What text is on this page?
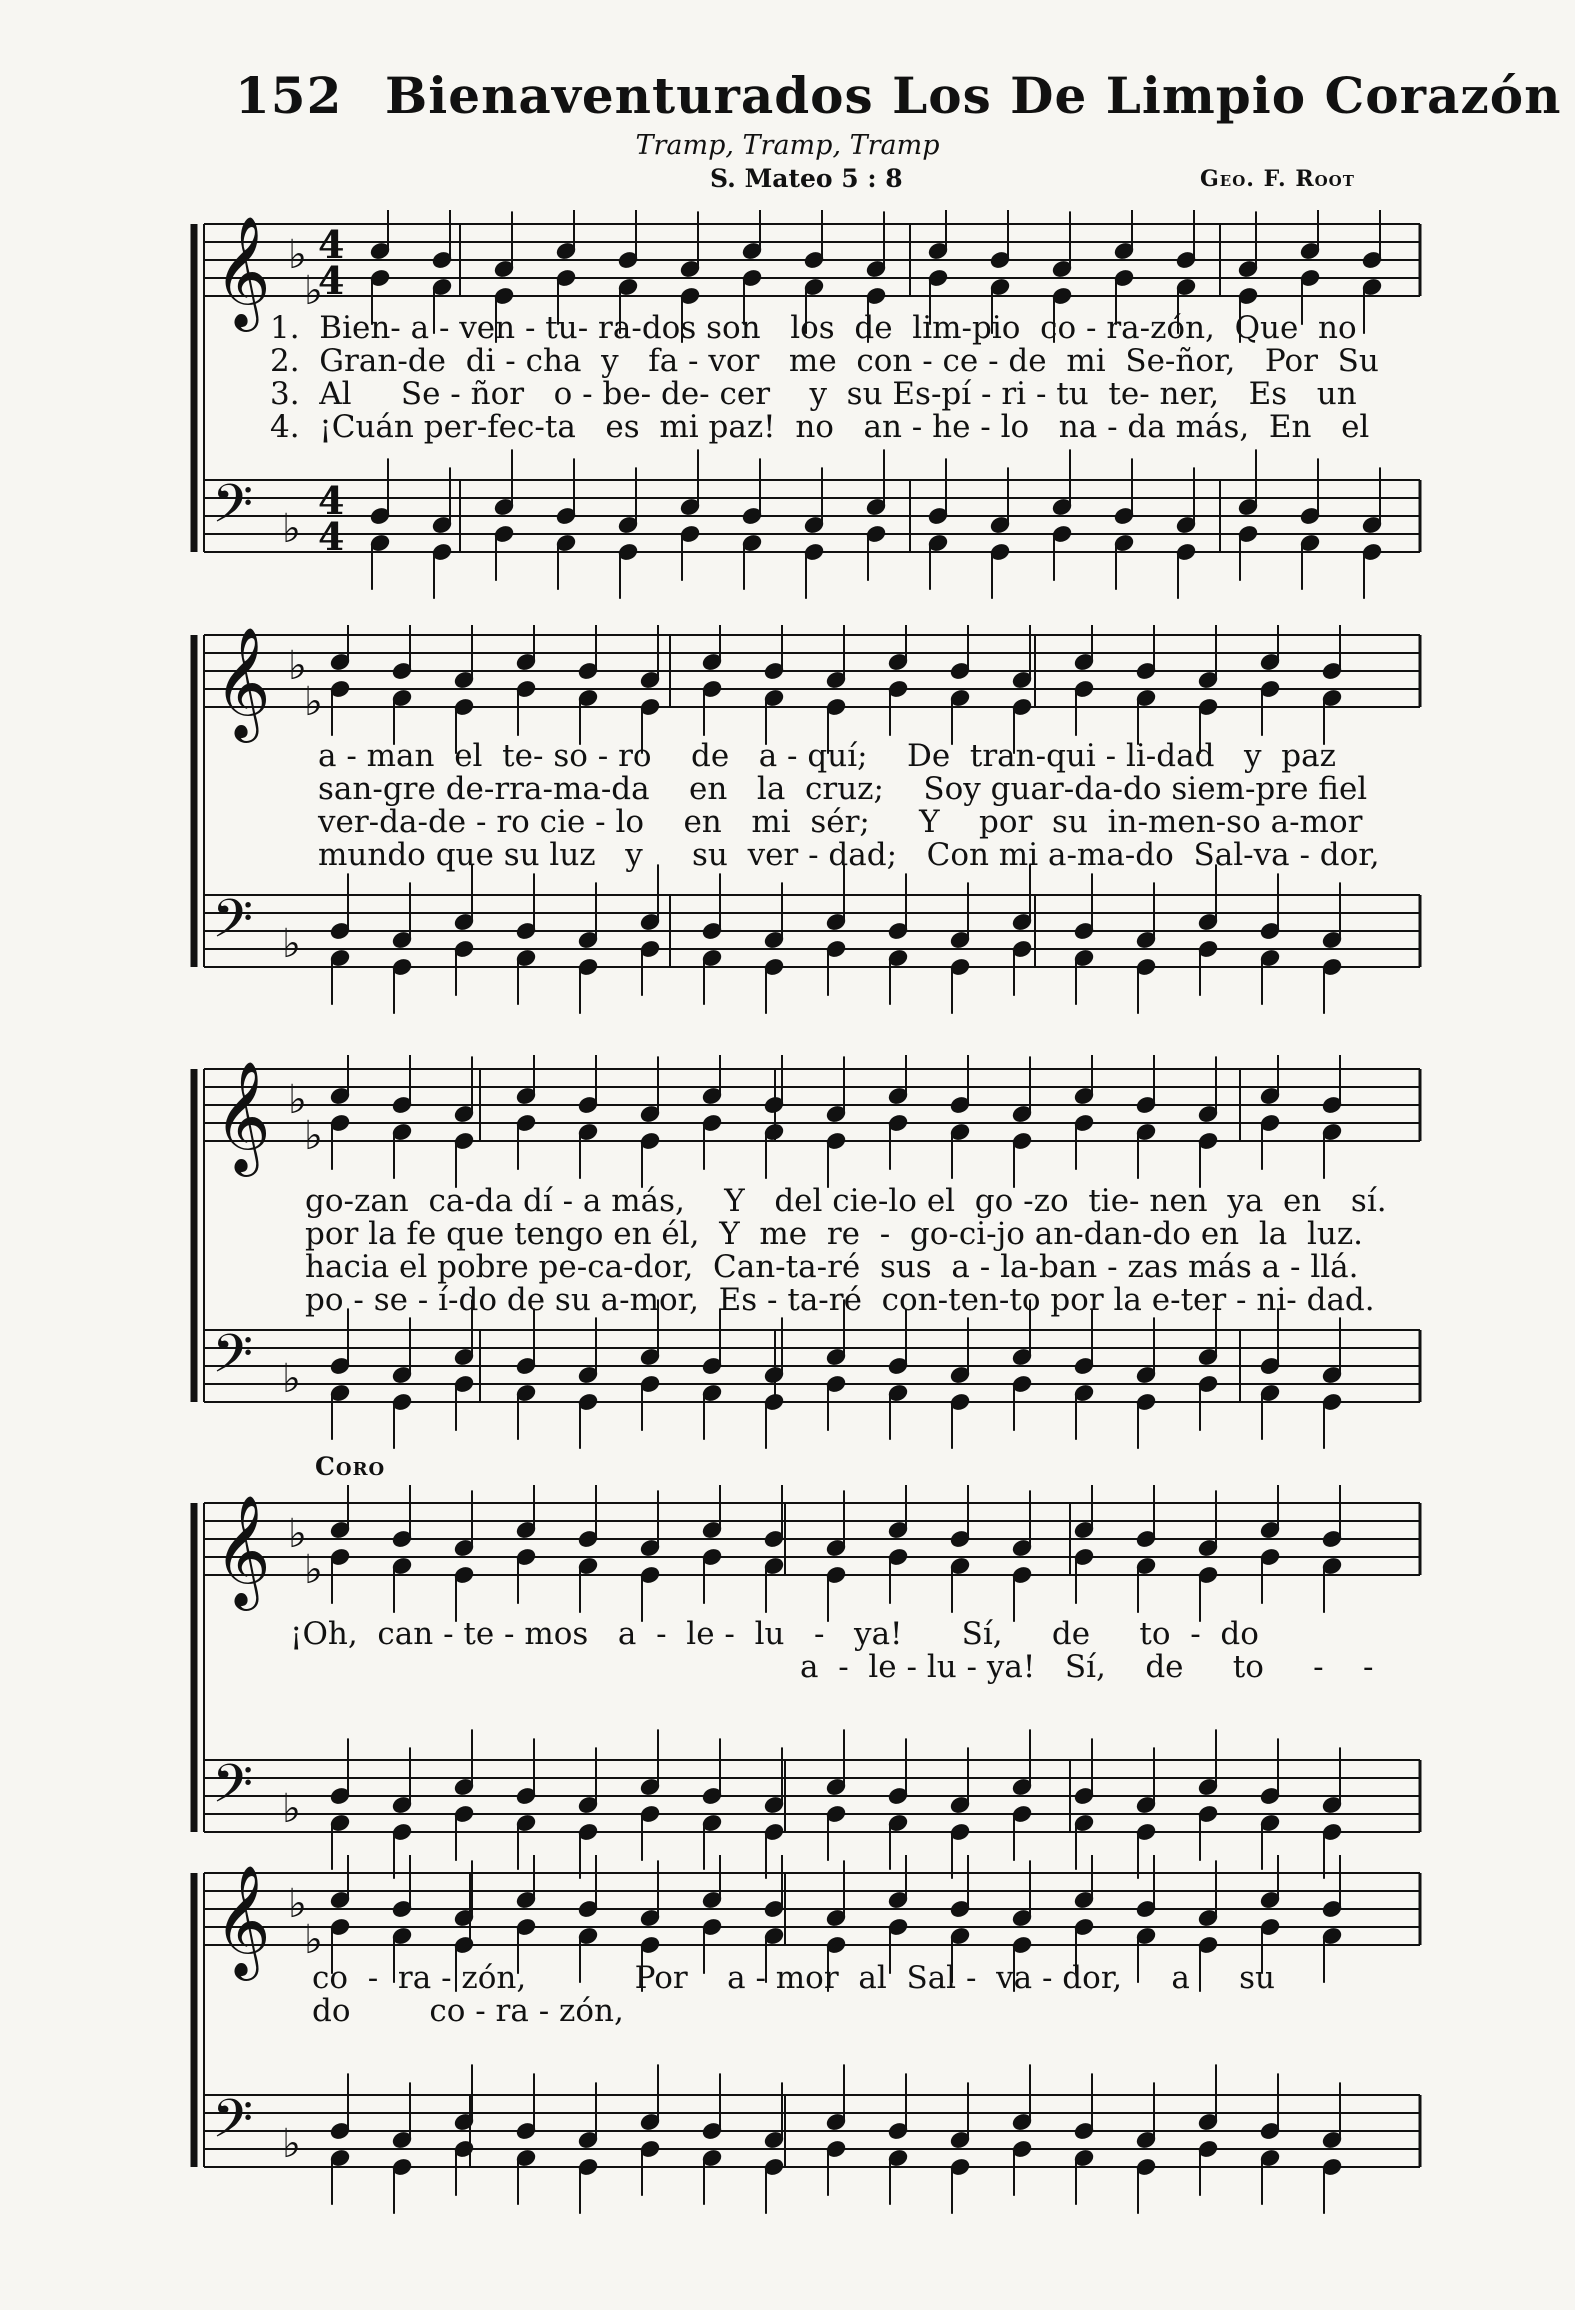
152 Bienaventurados Los De Limpio Corazón
Tramp, Tramp, Tramp
S. Mateo 5 : 8	Geo. F. Root
𝄞 ♭
♭
4
4
𝄢 ♭
4
4
1.  Bien- a - ven - tu- ra-dos son   los  de  lim-pio  co - ra-zón,  Que  no
2.  Gran-de  di - cha  y   fa - vor   me  con - ce - de  mi  Se-ñor,   Por  Su
3.  Al     Se - ñor   o - be- de- cer    y  su Es-pí - ri - tu  te- ner,   Es   un
4.  ¡Cuán per-fec-ta   es  mi paz!  no   an - he - lo   na - da más,  En   el
𝄞 ♭
♭
𝄢 ♭
a - man  el  te- so - ro    de   a - quí;    De  tran-qui - li-dad   y  paz
san-gre de-rra-ma-da    en   la  cruz;    Soy guar-da-do siem-pre fiel
ver-da-de - ro cie - lo    en   mi  sér;     Y    por  su  in-men-so a-mor
mundo que su luz   y     su  ver - dad;   Con mi a-ma-do  Sal-va - dor,
𝄞 ♭
♭
𝄢 ♭
go-zan  ca-da dí - a más,    Y   del cie-lo el  go -zo  tie- nen  ya  en   sí.
por la fe que tengo en él,  Y  me  re  -  go-ci-jo an-dan-do en  la  luz.
hacia el pobre pe-ca-dor,  Can-ta-ré  sus  a - la-ban - zas más a - llá.
po - se - í-do de su a-mor,  Es - ta-ré  con-ten-to por la e-ter - ni- dad.
Coro
𝄞 ♭
♭
𝄢 ♭
¡Oh,  can - te - mos   a  -  le -  lu   -   ya!      Sí,     de     to  -  do
a  -  le - lu - ya!   Sí,    de     to     -    -
𝄞 ♭
♭
𝄢 ♭
co  -  ra - zón,           Por    a - mor  al  Sal -  va - dor,     a     su
do        co - ra - zón,
